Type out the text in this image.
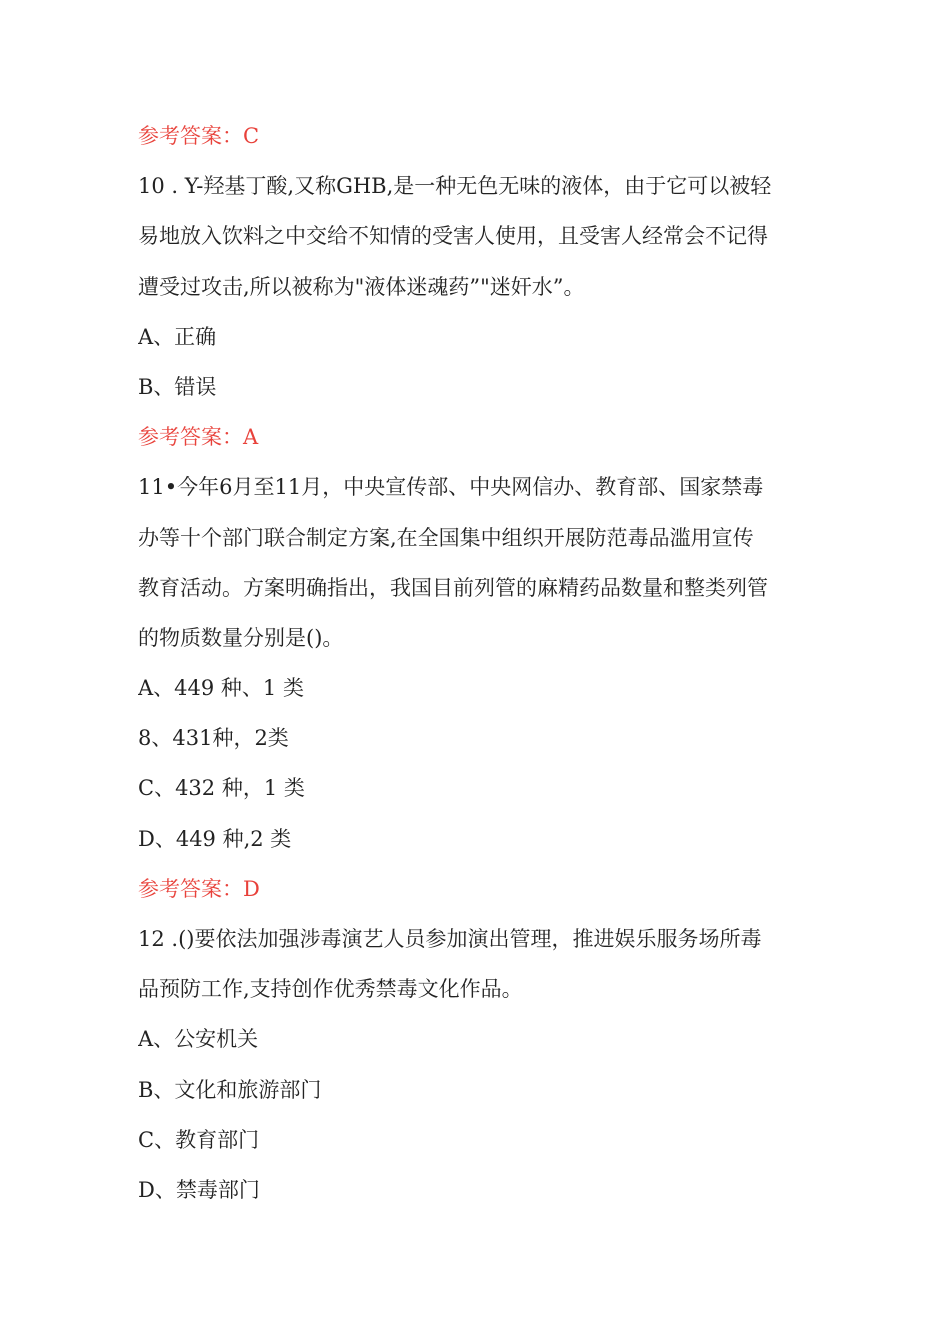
参考答案：C
10 . Y-羟基丁酸,又称GHB,是一种无色无味的液体，由于它可以被轻
易地放入饮料之中交给不知情的受害人使用，且受害人经常会不记得
遭受过攻击,所以被称为"液体迷魂药”"迷奸水”。
A、正确
B、错误
参考答案：A
11•今年6月至11月，中央宣传部、中央网信办、教育部、国家禁毒
办等十个部门联合制定方案,在全国集中组织开展防范毒品滥用宣传
教育活动。方案明确指出，我国目前列管的麻精药品数量和整类列管
的物质数量分别是()。
A、449 种、1 类
8、431种，2类
C、432 种，1 类
D、449 种,2 类
参考答案：D
12 .()要依法加强涉毒演艺人员参加演出管理，推进娱乐服务场所毒
品预防工作,支持创作优秀禁毒文化作品。
A、公安机关
B、文化和旅游部门
C、教育部门
D、禁毒部门
